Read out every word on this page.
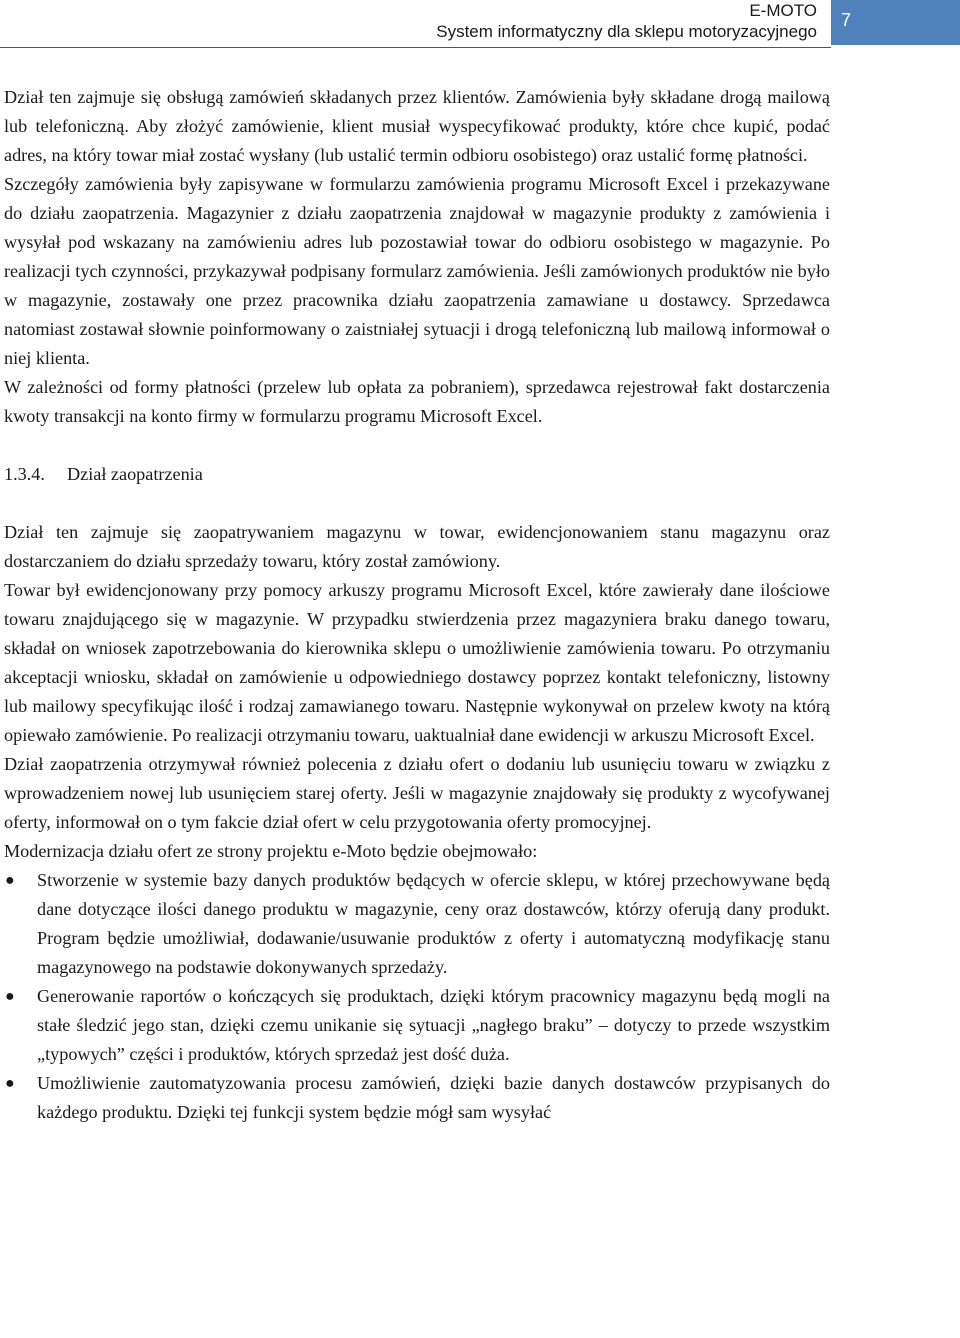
E-MOTO
System informatyczny dla sklepu motoryzacyjnego
7

Dział ten zajmuje się obsługą zamówień składanych przez klientów. Zamówienia były składane drogą mailową lub telefoniczną. Aby złożyć zamówienie, klient musiał wyspecyfikować produkty, które chce kupić, podać adres, na który towar miał zostać wysłany (lub ustalić termin odbioru osobistego) oraz ustalić formę płatności.

Szczegóły zamówienia były zapisywane w formularzu zamówienia programu Microsoft Excel i przekazywane do działu zaopatrzenia. Magazynier z działu zaopatrzenia znajdował w magazynie produkty z zamówienia i wysyłał pod wskazany na zamówieniu adres lub pozostawiał towar do odbioru osobistego w magazynie. Po realizacji tych czynności, przykazywał podpisany formularz zamówienia. Jeśli zamówionych produktów nie było w magazynie, zostawały one przez pracownika działu zaopatrzenia zamawiane u dostawcy. Sprzedawca natomiast zostawał słownie poinformowany o zaistniałej sytuacji i drogą telefoniczną lub mailową informował o niej klienta.

W zależności od formy płatności (przelew lub opłata za pobraniem), sprzedawca rejestrował fakt dostarczenia kwoty transakcji na konto firmy w formularzu programu Microsoft Excel.

1.3.4. Dział zaopatrzenia

Dział ten zajmuje się zaopatrywaniem magazynu w towar, ewidencjonowaniem stanu magazynu oraz dostarczaniem do działu sprzedaży towaru, który został zamówiony.

Towar był ewidencjonowany przy pomocy arkuszy programu Microsoft Excel, które zawierały dane ilościowe towaru znajdującego się w magazynie. W przypadku stwierdzenia przez magazyniera braku danego towaru, składał on wniosek zapotrzebowania do kierownika sklepu o umożliwienie zamówienia towaru. Po otrzymaniu akceptacji wniosku, składał on zamówienie u odpowiedniego dostawcy poprzez kontakt telefoniczny, listowny lub mailowy specyfikując ilość i rodzaj zamawianego towaru. Następnie wykonywał on przelew kwoty na którą opiewało zamówienie. Po realizacji otrzymaniu towaru, uaktualniał dane ewidencji w arkuszu Microsoft Excel.

Dział zaopatrzenia otrzymywał również polecenia z działu ofert o dodaniu lub usunięciu towaru w związku z wprowadzeniem nowej lub usunięciem starej oferty. Jeśli w magazynie znajdowały się produkty z wycofywanej oferty, informował on o tym fakcie dział ofert w celu przygotowania oferty promocyjnej.

Modernizacja działu ofert ze strony projektu e-Moto będzie obejmowało:

● Stworzenie w systemie bazy danych produktów będących w ofercie sklepu, w której przechowywane będą dane dotyczące ilości danego produktu w magazynie, ceny oraz dostawców, którzy oferują dany produkt. Program będzie umożliwiał, dodawanie/usuwanie produktów z oferty i automatyczną modyfikację stanu magazynowego na podstawie dokonywanych sprzedaży.
● Generowanie raportów o kończących się produktach, dzięki którym pracownicy magazynu będą mogli na stałe śledzić jego stan, dzięki czemu unikanie się sytuacji „nagłego braku” – dotyczy to przede wszystkim „typowych” części i produktów, których sprzedaż jest dość duża.
● Umożliwienie zautomatyzowania procesu zamówień, dzięki bazie danych dostawców przypisanych do każdego produktu. Dzięki tej funkcji system będzie mógł sam wysyłać
